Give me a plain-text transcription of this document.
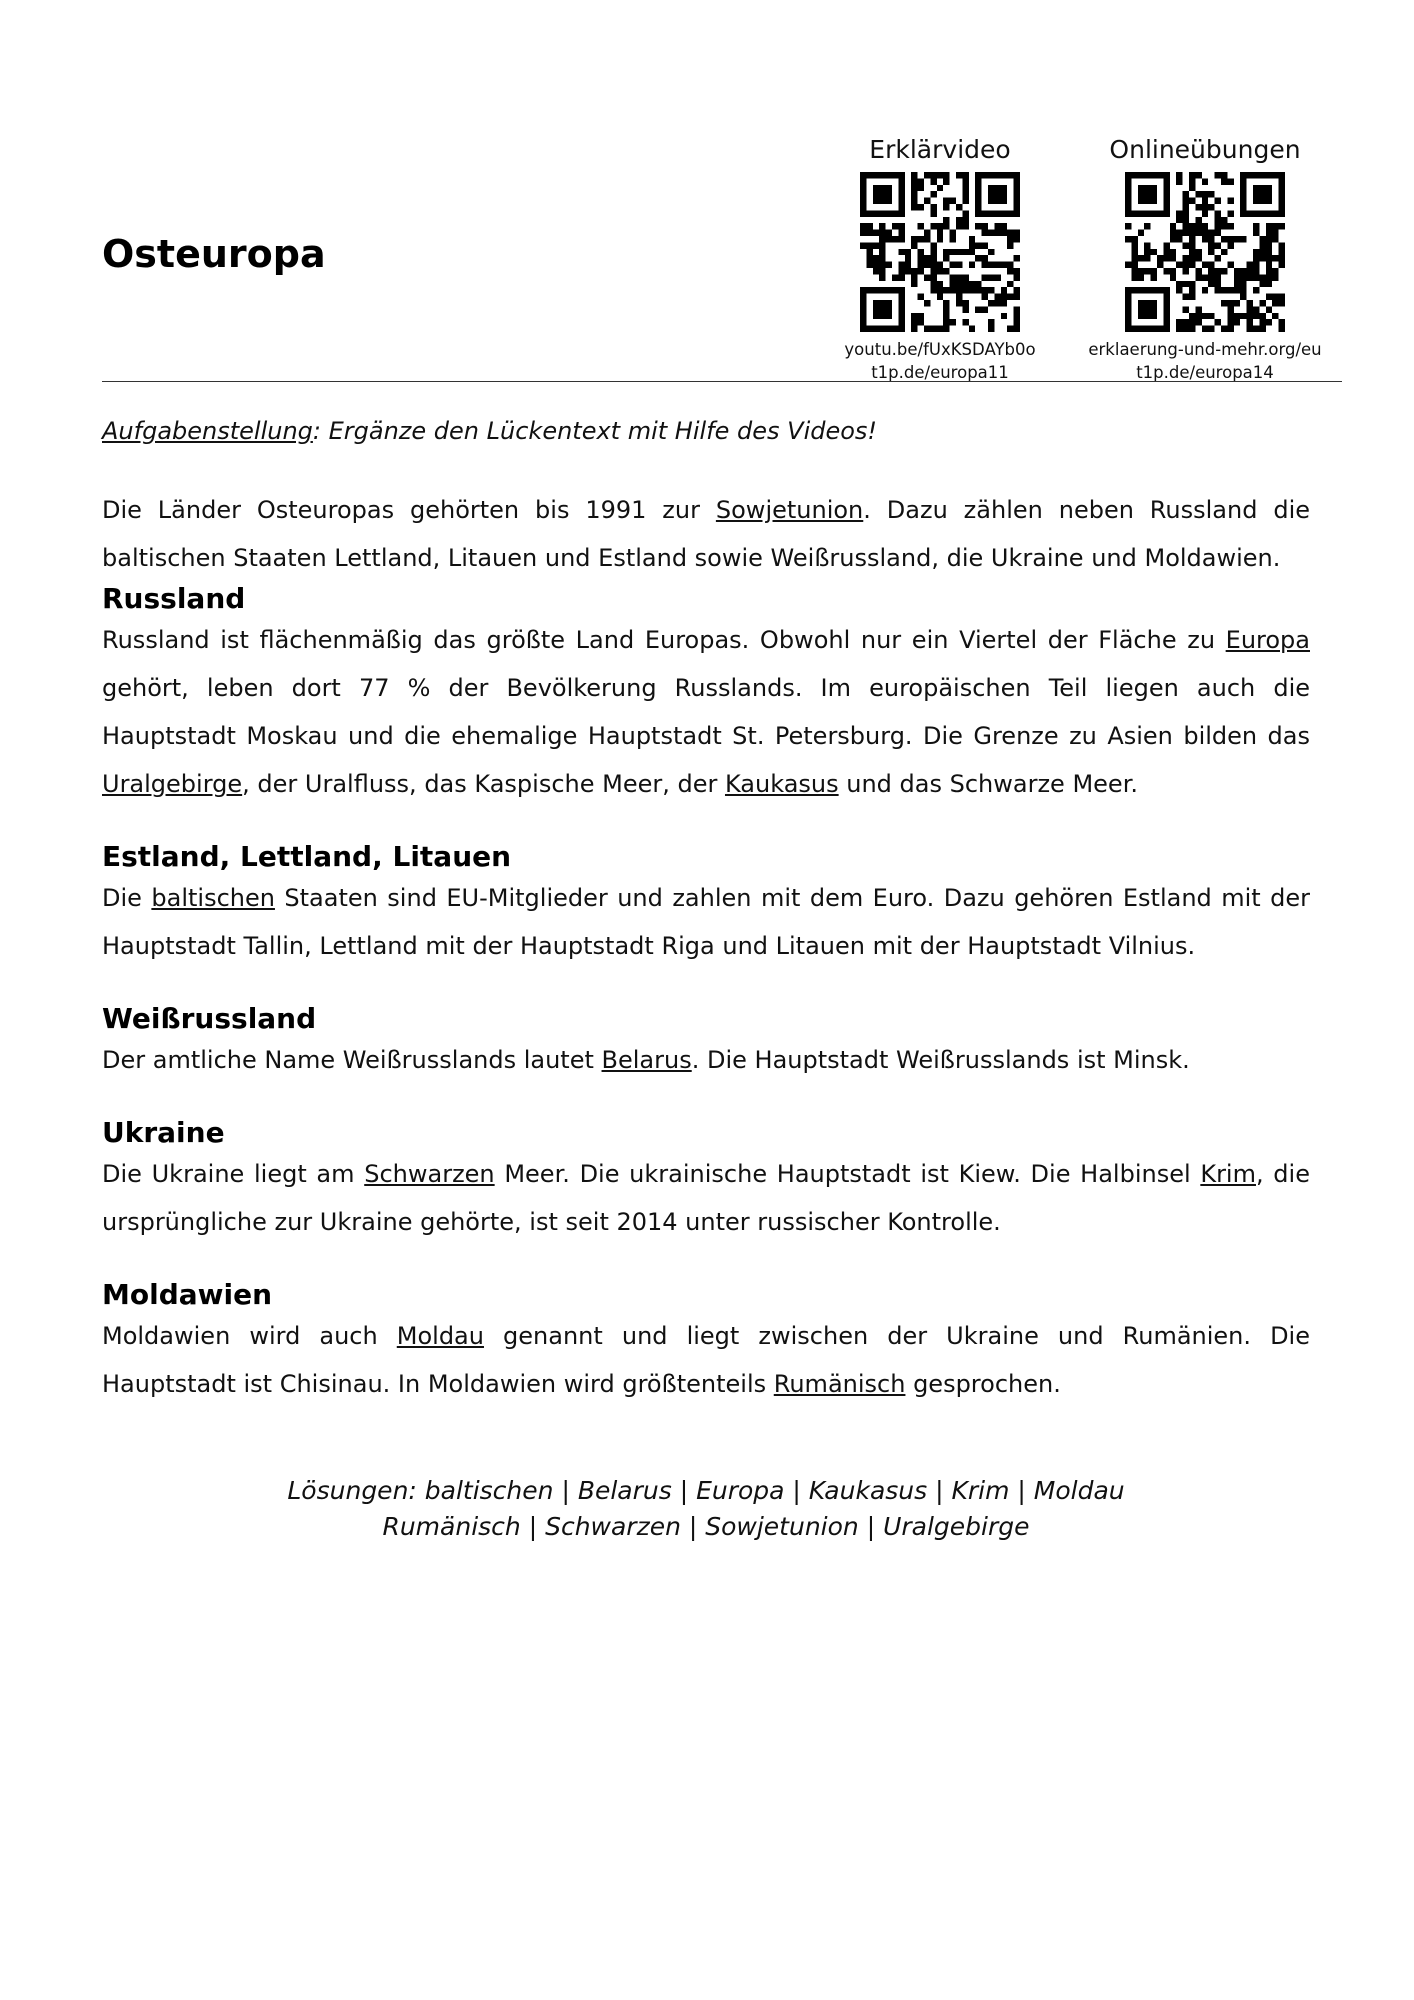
Osteuropa
Erklärvideo
youtu.be/fUxKSDAYb0o
t1p.de/europa11
Onlineübungen
erklaerung-und-mehr.org/eu
t1p.de/europa14

Aufgabenstellung: Ergänze den Lückentext mit Hilfe des Videos!

Die Länder Osteuropas gehörten bis 1991 zur Sowjetunion. Dazu zählen neben Russland die baltischen Staaten Lettland, Litauen und Estland sowie Weißrussland, die Ukraine und Moldawien.

Russland

Russland ist flächenmäßig das größte Land Europas. Obwohl nur ein Viertel der Fläche zu Europa gehört, leben dort 77 % der Bevölkerung Russlands. Im europäischen Teil liegen auch die Hauptstadt Moskau und die ehemalige Hauptstadt St. Petersburg. Die Grenze zu Asien bilden das Uralgebirge, der Uralfluss, das Kaspische Meer, der Kaukasus und das Schwarze Meer.

Estland, Lettland, Litauen

Die baltischen Staaten sind EU-Mitglieder und zahlen mit dem Euro. Dazu gehören Estland mit der Hauptstadt Tallin, Lettland mit der Hauptstadt Riga und Litauen mit der Hauptstadt Vilnius.

Weißrussland

Der amtliche Name Weißrusslands lautet Belarus. Die Hauptstadt Weißrusslands ist Minsk.

Ukraine

Die Ukraine liegt am Schwarzen Meer. Die ukrainische Hauptstadt ist Kiew. Die Halbinsel Krim, die ursprüngliche zur Ukraine gehörte, ist seit 2014 unter russischer Kontrolle.

Moldawien

Moldawien wird auch Moldau genannt und liegt zwischen der Ukraine und Rumänien. Die Hauptstadt ist Chisinau. In Moldawien wird größtenteils Rumänisch gesprochen.

Lösungen: baltischen | Belarus | Europa | Kaukasus | Krim | Moldau
Rumänisch | Schwarzen | Sowjetunion | Uralgebirge
